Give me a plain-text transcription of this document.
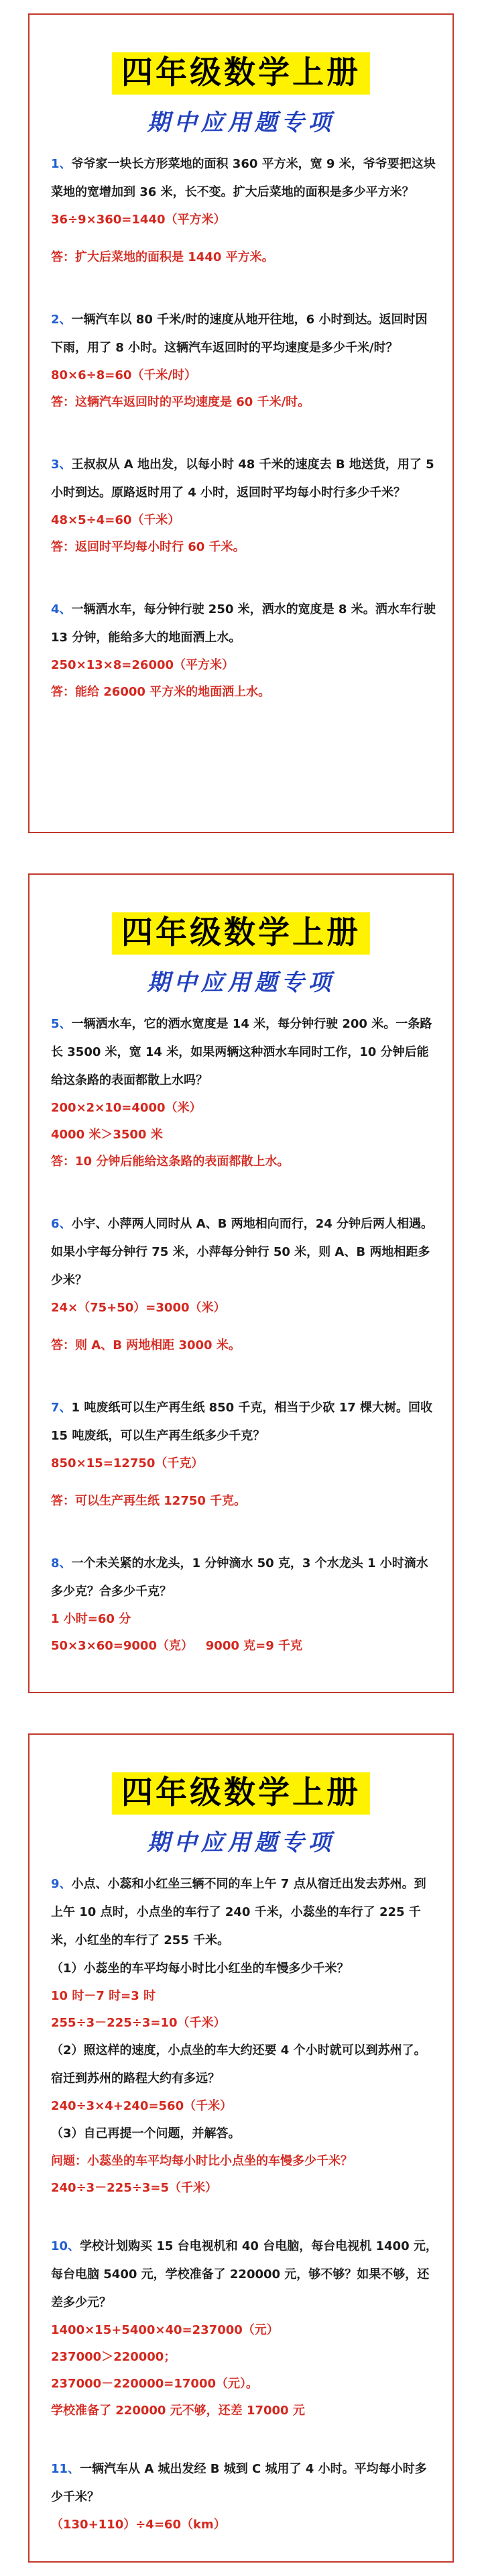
四年级数学上册
期中应用题专项

1、爷爷家一块长方形菜地的面积 360 平方米，宽 9 米，爷爷要把这块菜地的宽增加到 36 米，长不变。扩大后菜地的面积是多少平方米？

36÷9×360=1440（平方米）

答：扩大后菜地的面积是 1440 平方米。

2、一辆汽车以 80 千米/时的速度从地开往地，6 小时到达。返回时因下雨，用了 8 小时。这辆汽车返回时的平均速度是多少千米/时？

80×6÷8=60（千米/时）

答：这辆汽车返回时的平均速度是 60 千米/时。

3、王叔叔从 A 地出发，以每小时 48 千米的速度去 B 地送货，用了 5 小时到达。原路返时用了 4 小时，返回时平均每小时行多少千米？

48×5÷4=60（千米）

答：返回时平均每小时行 60 千米。

4、一辆洒水车，每分钟行驶 250 米，洒水的宽度是 8 米。洒水车行驶 13 分钟，能给多大的地面洒上水。

250×13×8=26000（平方米）

答：能给 26000 平方米的地面洒上水。

四年级数学上册
期中应用题专项

5、一辆洒水车，它的洒水宽度是 14 米，每分钟行驶 200 米。一条路长 3500 米，宽 14 米，如果两辆这种洒水车同时工作，10 分钟后能给这条路的表面都散上水吗？

200×2×10=4000（米）

4000 米＞3500 米

答：10 分钟后能给这条路的表面都散上水。

6、小宇、小萍两人同时从 A、B 两地相向而行，24 分钟后两人相遇。如果小宇每分钟行 75 米，小萍每分钟行 50 米，则 A、B 两地相距多少米？

24×（75+50）=3000（米）

答：则 A、B 两地相距 3000 米。

7、1 吨废纸可以生产再生纸 850 千克，相当于少砍 17 棵大树。回收 15 吨废纸，可以生产再生纸多少千克？

850×15=12750（千克）

答：可以生产再生纸 12750 千克。

8、一个未关紧的水龙头，1 分钟滴水 50 克，3 个水龙头 1 小时滴水多少克？合多少千克？

1 小时=60 分

50×3×60=9000（克）   9000 克=9 千克

四年级数学上册
期中应用题专项

9、小点、小蕊和小红坐三辆不同的车上午 7 点从宿迁出发去苏州。到上午 10 点时，小点坐的车行了 240 千米，小蕊坐的车行了 225 千米，小红坐的车行了 255 千米。

（1）小蕊坐的车平均每小时比小红坐的车慢多少千米？

10 时－7 时=3 时

255÷3－225÷3=10（千米）

（2）照这样的速度，小点坐的车大约还要 4 个小时就可以到苏州了。宿迁到苏州的路程大约有多远？

240÷3×4+240=560（千米）

（3）自己再提一个问题，并解答。

问题：小蕊坐的车平均每小时比小点坐的车慢多少千米？

240÷3－225÷3=5（千米）

10、学校计划购买 15 台电视机和 40 台电脑，每台电视机 1400 元，每台电脑 5400 元，学校准备了 220000 元，够不够？如果不够，还差多少元？

1400×15+5400×40=237000（元）

237000＞220000；

237000－220000=17000（元）。

学校准备了 220000 元不够，还差 17000 元

11、一辆汽车从 A 城出发经 B 城到 C 城用了 4 小时。平均每小时多少千米？

（130+110）÷4=60（km）
